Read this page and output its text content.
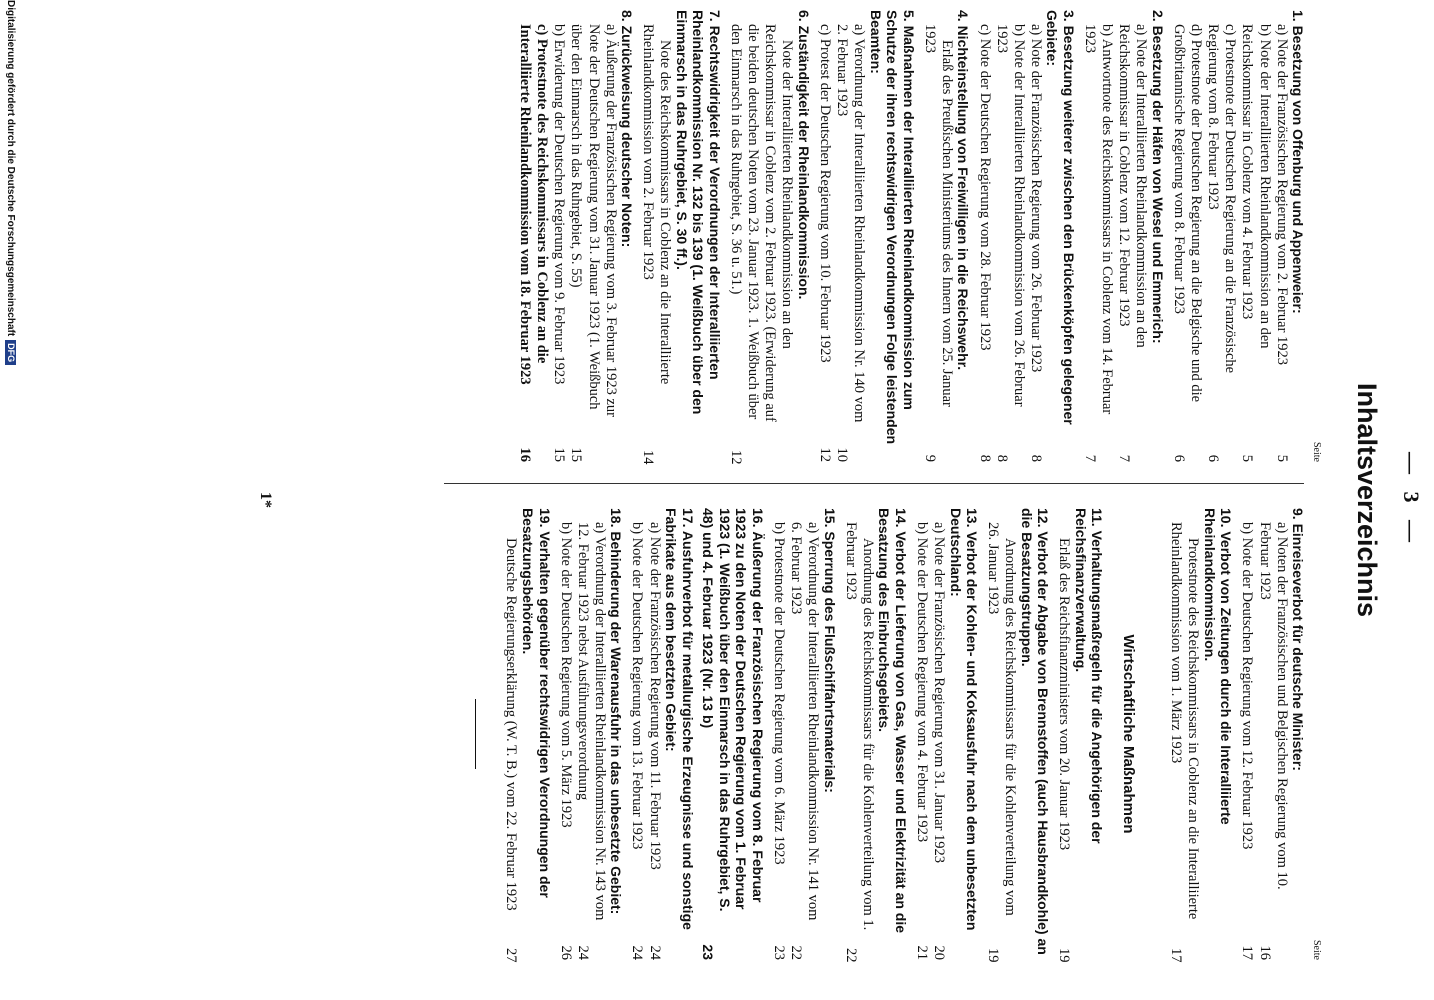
— 3 —
Inhaltsverzeichnis
Seite
1. Besetzung von Offenburg und Appenweier:
a) Note der Französischen Regierung vom 2. Februar 1923
5
b) Note der Interalliierten Rheinlandkommission an den Reichskommissar in Coblenz vom 4. Februar 1923
5
c) Protestnote der Deutschen Regierung an die Französische Regierung vom 8. Februar 1923
6
d) Protestnote der Deutschen Regierung an die Belgische und die Großbritannische Regierung vom 8. Februar 1923
6
2. Besetzung der Häfen von Wesel und Emmerich:
a) Note der Interalliierten Rheinlandkommission an den Reichskommissar in Coblenz vom 12. Februar 1923
7
b) Antwortnote des Reichskommissars in Coblenz vom 14. Februar 1923
7
3. Besetzung weiterer zwischen den Brückenköpfen gelegener Gebiete:
a) Note der Französischen Regierung vom 26. Februar 1923
8
b) Note der Interalliierten Rheinlandkommission vom 26. Februar 1923
8
c) Note der Deutschen Regierung vom 28. Februar 1923
8
4. Nichteinstellung von Freiwilligen in die Reichswehr.
Erlaß des Preußischen Ministeriums des Innern vom 25. Januar 1923
9
5. Maßnahmen der Interalliierten Rheinlandkommission zum Schutze der ihren rechtswidrigen Verordnungen Folge leistenden Beamten:
a) Verordnung der Interalliierten Rheinlandkommission Nr. 140 vom 2. Februar 1923
10
c) Protest der Deutschen Regierung vom 10. Februar 1923
12
6. Zuständigkeit der Rheinlandkommission.
Note der Interalliierten Rheinlandkommission an den Reichskommissar in Coblenz vom 2. Februar 1923. (Erwiderung auf die beiden deutschen Noten vom 23. Januar 1923. 1. Weißbuch über den Einmarsch in das Ruhrgebiet, S. 36 u. 51.)
12
7. Rechtswidrigkeit der Verordnungen der Interalliierten Rheinlandkommission Nr. 132 bis 139 (1. Weißbuch über den Einmarsch in das Ruhrgebiet, S. 30 ff.).
Note des Reichskommissars in Coblenz an die Interalliierte Rheinlandkommission vom 2. Februar 1923
14
8. Zurückweisung deutscher Noten:
a) Äußerung der Französischen Regierung vom 3. Februar 1923 zur Note der Deutschen Regierung vom 31. Januar 1923 (1. Weißbuch über den Einmarsch in das Ruhrgebiet, S. 55)
15
b) Erwiderung der Deutschen Regierung vom 9. Februar 1923
15
c) Protestnote des Reichskommissars in Coblenz an die Interalliierte Rheinlandkommission vom 18. Februar 1923
16
Seite
9. Einreiseverbot für deutsche Minister:
a) Noten der Französischen und Belgischen Regierung vom 10. Februar 1923
16
b) Note der Deutschen Regierung vom 12. Februar 1923
17
10. Verbot von Zeitungen durch die Interalliierte Rheinlandkommission.
Protestnote des Reichskommissars in Coblenz an die Interalliierte Rheinlandkommission vom 1. März 1923
17
Wirtschaftliche Maßnahmen
11. Verhaltungsmaßregeln für die Angehörigen der Reichsfinanzverwaltung.
Erlaß des Reichsfinanzministers vom 20. Januar 1923
19
12. Verbot der Abgabe von Brennstoffen (auch Hausbrandkohle) an die Besatzungstruppen.
Anordnung des Reichskommissars für die Kohlenverteilung vom 26. Januar 1923
19
13. Verbot der Kohlen- und Koksausfuhr nach dem unbesetzten Deutschland:
a) Note der Französischen Regierung vom 31. Januar 1923
20
b) Note der Deutschen Regierung vom 4. Februar 1923
21
14. Verbot der Lieferung von Gas, Wasser und Elektrizität an die Besatzung des Einbruchsgebiets.
Anordnung des Reichskommissars für die Kohlenverteilung vom 1. Februar 1923
22
15. Sperrung des Flußschiffahrtsmaterials:
a) Verordnung der Interalliierten Rheinlandkommission Nr. 141 vom 6. Februar 1923
22
b) Protestnote der Deutschen Regierung vom 6. März 1923
23
16. Äußerung der Französischen Regierung vom 8. Februar 1923 zu den Noten der Deutschen Regierung vom 1. Februar 1923 (1. Weißbuch über den Einmarsch in das Ruhrgebiet, S. 48) und 4. Februar 1923 (Nr. 13 b)
23
17. Ausfuhrverbot für metallurgische Erzeugnisse und sonstige Fabrikate aus dem besetzten Gebiet:
a) Note der Französischen Regierung vom 11. Februar 1923
24
b) Note der Deutschen Regierung vom 13. Februar 1923
24
18. Behinderung der Warenausfuhr in das unbesetzte Gebiet:
a) Verordnung der Interalliierten Rheinlandkommission Nr. 143 vom 12. Februar 1923 nebst Ausführungsverordnung
24
b) Note der Deutschen Regierung vom 5. März 1923
26
19. Verhalten gegenüber rechtswidrigen Verordnungen der Besatzungsbehörden.
Deutsche Regierungserklärung (W. T. B.) vom 22. Februar 1923
27
1*
Digitalisierung gefördert durch die Deutsche ForschungsgemeinschaftDFG
